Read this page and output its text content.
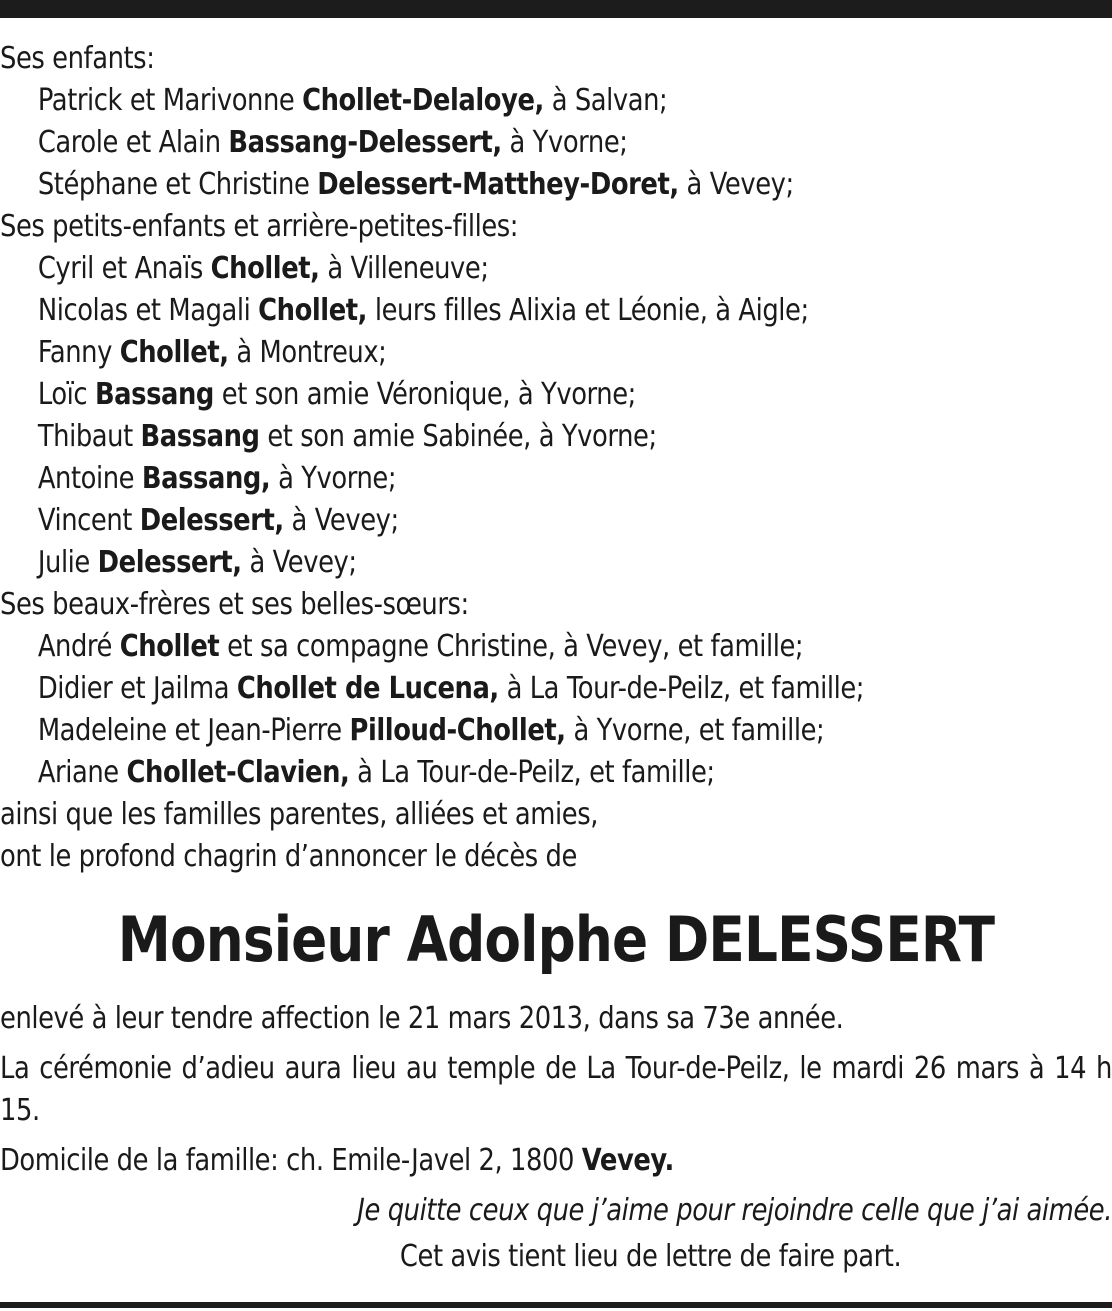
Ses enfants:
Patrick et Marivonne Chollet-Delaloye, à Salvan;
Carole et Alain Bassang-Delessert, à Yvorne;
Stéphane et Christine Delessert-Matthey-Doret, à Vevey;
Ses petits-enfants et arrière-petites-filles:
Cyril et Anaïs Chollet, à Villeneuve;
Nicolas et Magali Chollet, leurs filles Alixia et Léonie, à Aigle;
Fanny Chollet, à Montreux;
Loïc Bassang et son amie Véronique, à Yvorne;
Thibaut Bassang et son amie Sabinée, à Yvorne;
Antoine Bassang, à Yvorne;
Vincent Delessert, à Vevey;
Julie Delessert, à Vevey;
Ses beaux-frères et ses belles-sœurs:
André Chollet et sa compagne Christine, à Vevey, et famille;
Didier et Jailma Chollet de Lucena, à La Tour-de-Peilz, et famille;
Madeleine et Jean-Pierre Pilloud-Chollet, à Yvorne, et famille;
Ariane Chollet-Clavien, à La Tour-de-Peilz, et famille;
ainsi que les familles parentes, alliées et amies,
ont le profond chagrin d’annoncer le décès de
Monsieur Adolphe DELESSERT
enlevé à leur tendre affection le 21 mars 2013, dans sa 73e année.
La cérémonie d’adieu aura lieu au temple de La Tour-de-Peilz, le mardi 26 mars à 14 h 15.
Domicile de la famille: ch. Emile-Javel 2, 1800 Vevey.
Je quitte ceux que j’aime pour rejoindre celle que j’ai aimée.
Cet avis tient lieu de lettre de faire part.
